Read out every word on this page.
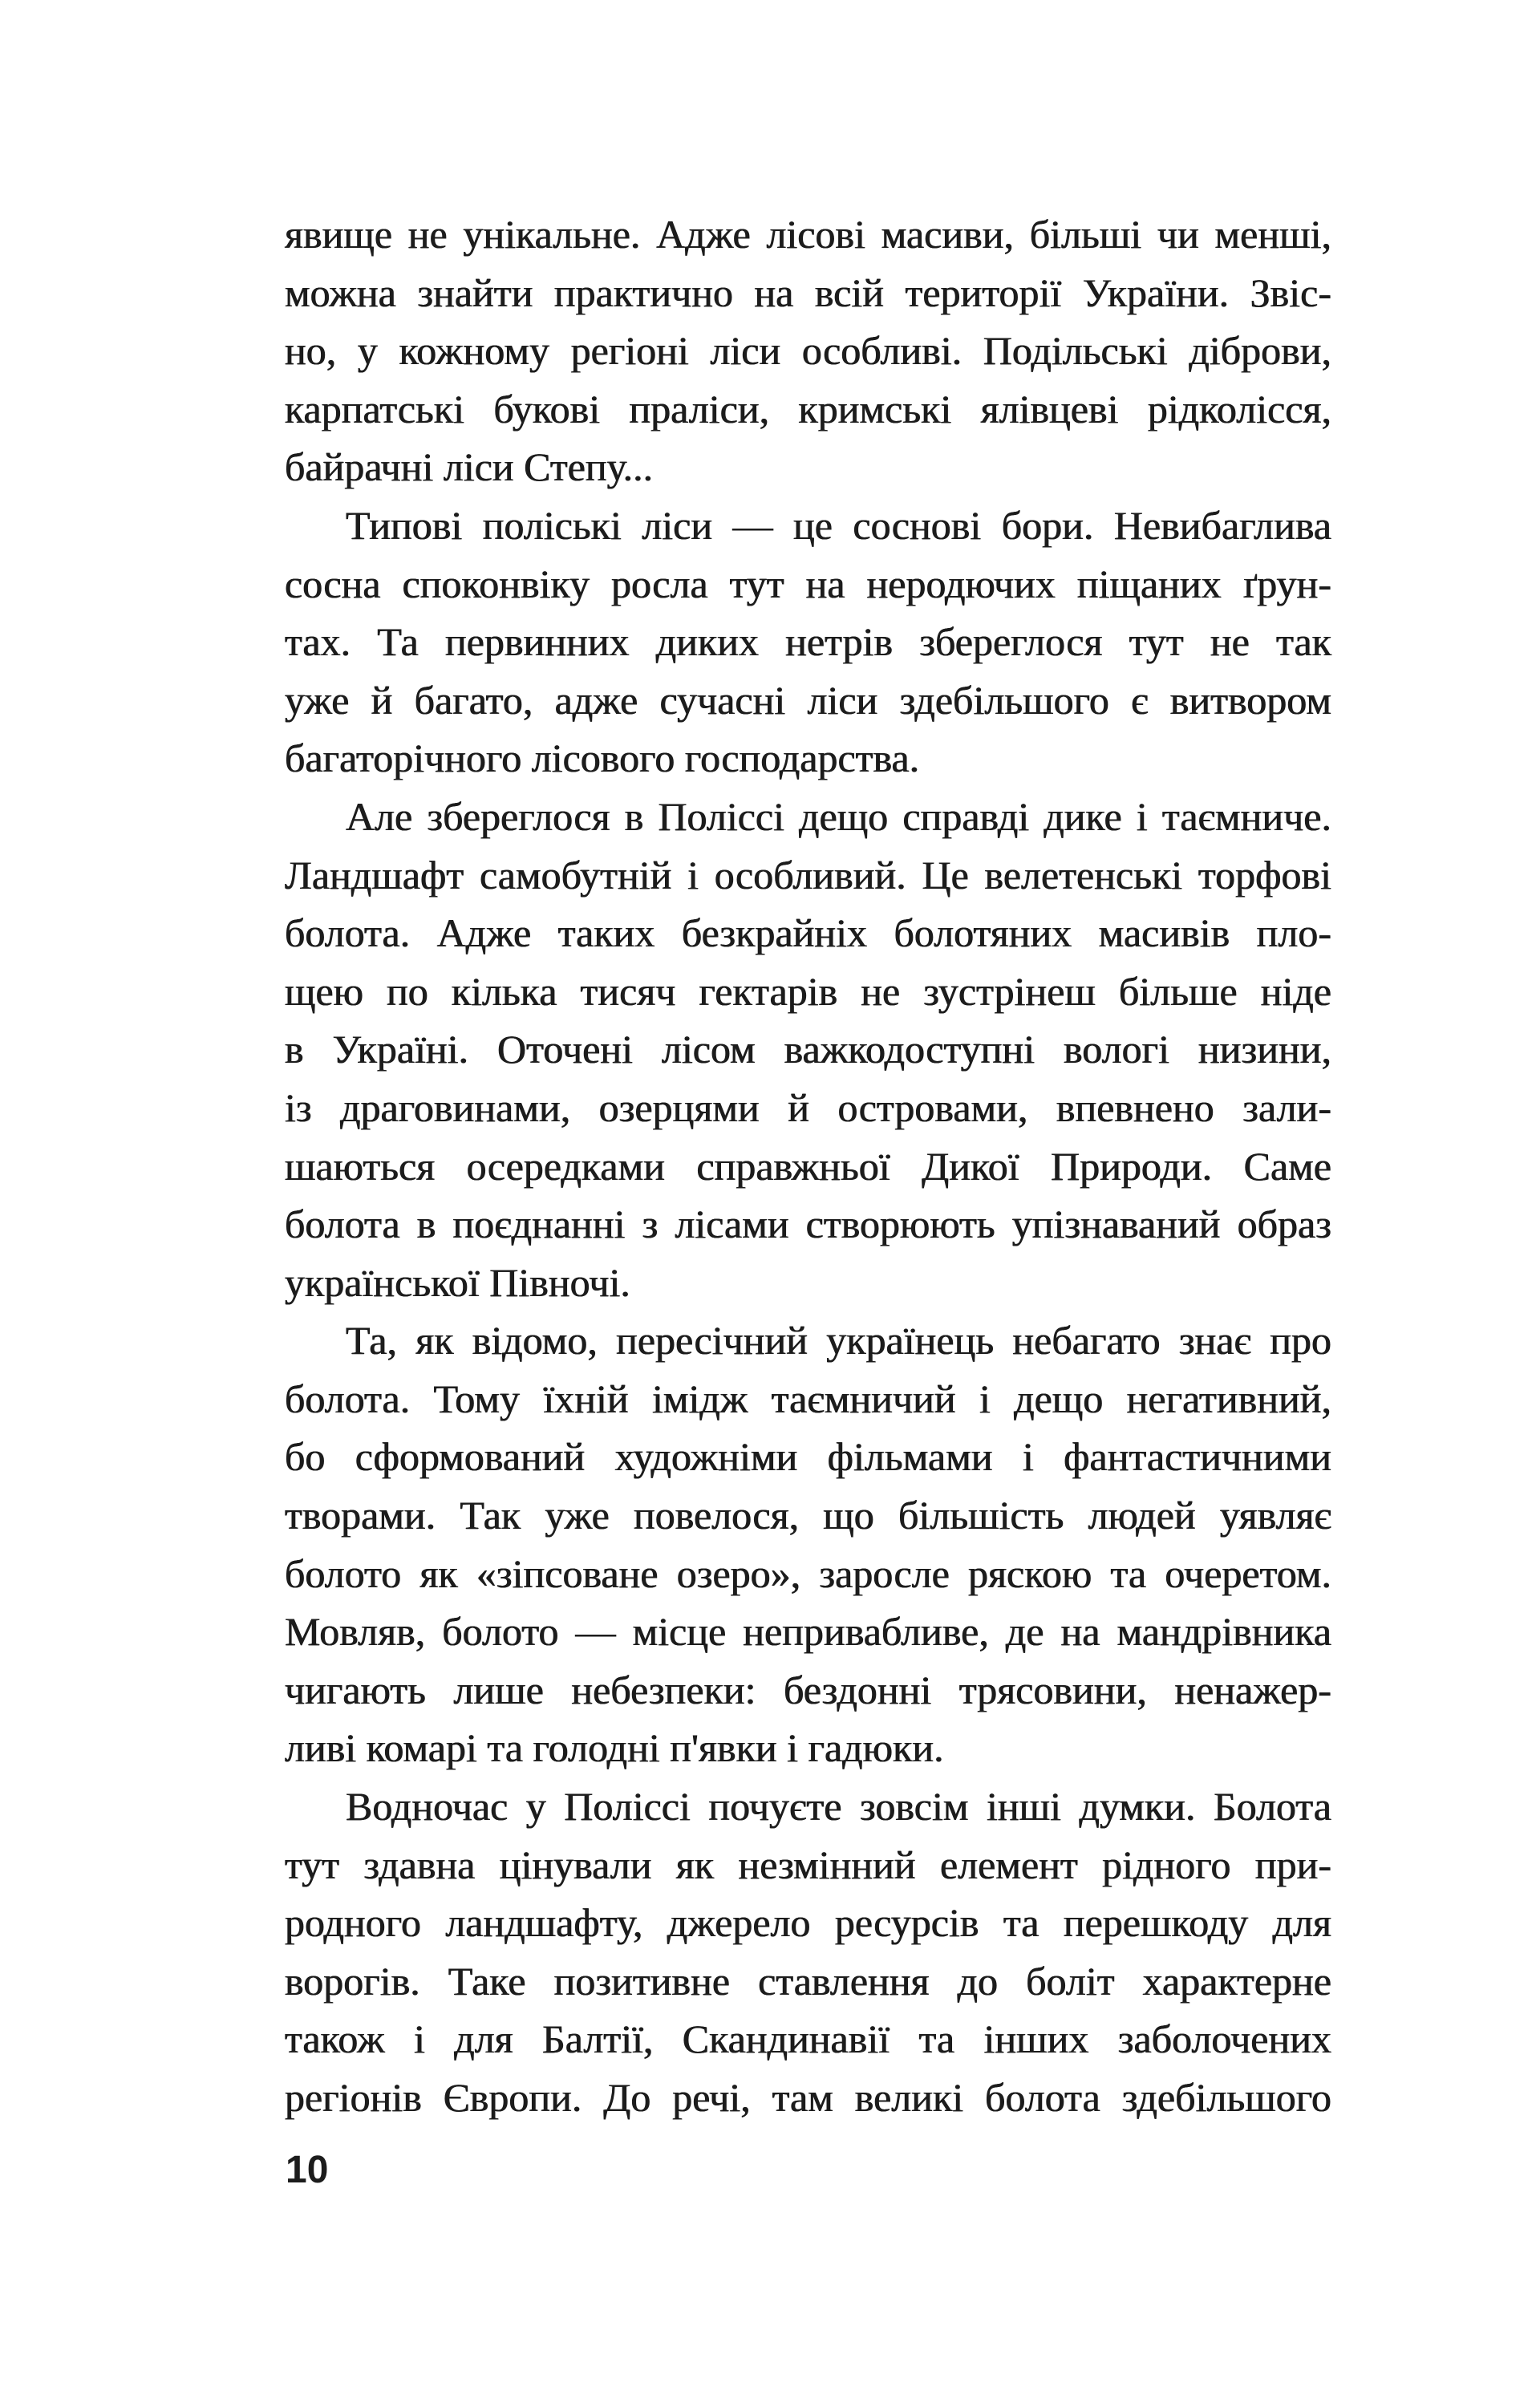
явище не унікальне. Адже лісові масиви, більші чи менші,
можна знайти практично на всій території України. Звіс-
но, у кожному регіоні ліси особливі. Подільські діброви,
карпатські букові праліси, кримські ялівцеві рідколісся,
байрачні ліси Степу...
Типові поліські ліси — це соснові бори. Невибаглива
сосна споконвіку росла тут на неродючих піщаних ґрун-
тах. Та первинних диких нетрів збереглося тут не так
уже й багато, адже сучасні ліси здебільшого є витвором
багаторічного лісового господарства.
Але збереглося в Поліссі дещо справді дике і таємниче.
Ландшафт самобутній і особливий. Це велетенські торфові
болота. Адже таких безкрайніх болотяних масивів пло-
щею по кілька тисяч гектарів не зустрінеш більше ніде
в Україні. Оточені лісом важкодоступні вологі низини,
із драговинами, озерцями й островами, впевнено зали-
шаються осередками справжньої Дикої Природи. Саме
болота в поєднанні з лісами створюють упізнаваний образ
української Півночі.
Та, як відомо, пересічний українець небагато знає про
болота. Тому їхній імідж таємничий і дещо негативний,
бо сформований художніми фільмами і фантастичними
творами. Так уже повелося, що більшість людей уявляє
болото як «зіпсоване озеро», заросле ряскою та очеретом.
Мовляв, болото — місце непривабливе, де на мандрівника
чигають лише небезпеки: бездонні трясовини, ненажер-
ливі комарі та голодні п'явки і гадюки.
Водночас у Поліссі почуєте зовсім інші думки. Болота
тут здавна цінували як незмінний елемент рідного при-
родного ландшафту, джерело ресурсів та перешкоду для
ворогів. Таке позитивне ставлення до боліт характерне
також і для Балтії, Скандинавії та інших заболочених
регіонів Європи. До речі, там великі болота здебільшого
10
